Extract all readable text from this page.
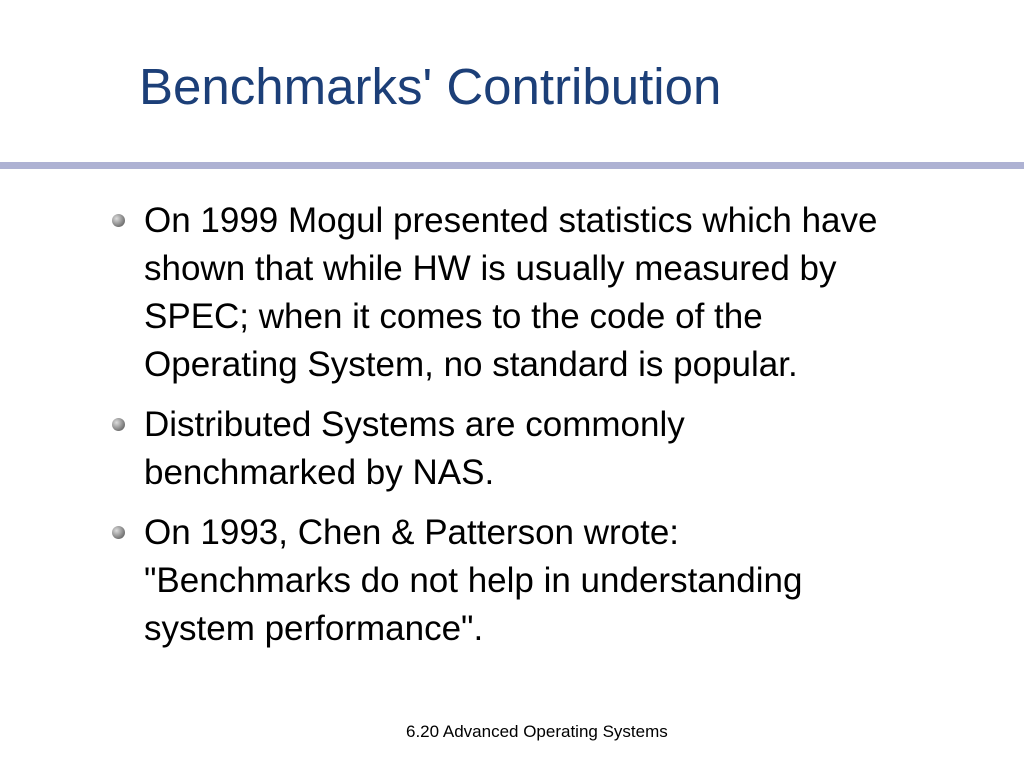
Benchmarks' Contribution
On 1999 Mogul presented statistics which have
shown that while HW is usually measured by
SPEC; when it comes to the code of the
Operating System, no standard is popular.
Distributed Systems are commonly
benchmarked by NAS.
On 1993, Chen & Patterson wrote:
"Benchmarks do not help in understanding
system performance".
6.20 Advanced Operating Systems
